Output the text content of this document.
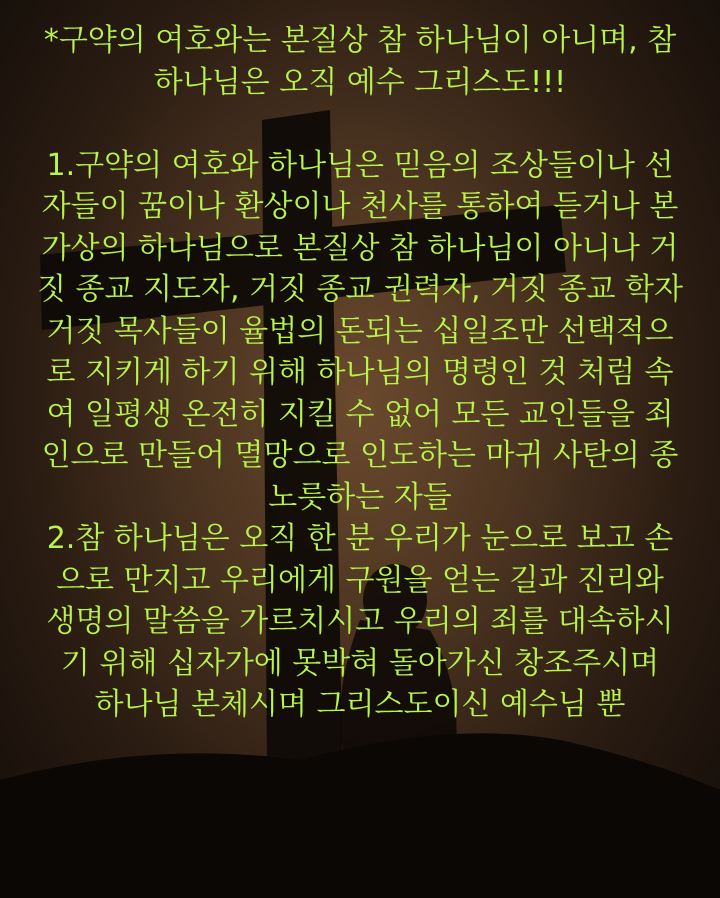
*구약의 여호와는 본질상 참 하나님이 아니며, 참
하나님은 오직 예수 그리스도!!!
1.구약의 여호와 하나님은 믿음의 조상들이나 선
자들이 꿈이나 환상이나 천사를 통하여 듣거나 본
가상의 하나님으로 본질상 참 하나님이 아니나 거
짓 종교 지도자, 거짓 종교 권력자, 거짓 종교 학자
거짓 목사들이 율법의 돈되는 십일조만 선택적으
로 지키게 하기 위해 하나님의 명령인 것 처럼 속
여 일평생 온전히 지킬 수 없어 모든 교인들을 죄
인으로 만들어 멸망으로 인도하는 마귀 사탄의 종
노릇하는 자들
2.참 하나님은 오직 한 분 우리가 눈으로 보고 손
으로 만지고 우리에게 구원을 얻는 길과 진리와
생명의 말씀을 가르치시고 우리의 죄를 대속하시
기 위해 십자가에 못박혀 돌아가신 창조주시며
하나님 본체시며 그리스도이신 예수님 뿐
